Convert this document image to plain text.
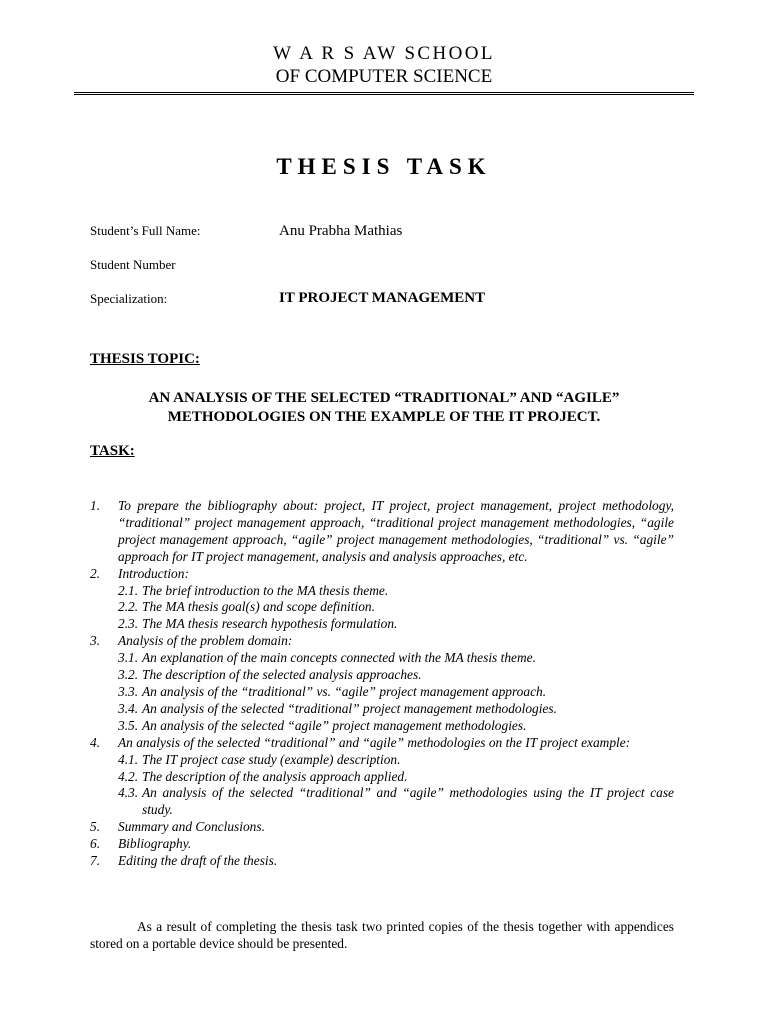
W A R S AW SCHOOL
OF COMPUTER SCIENCE
THESIS TASK
Student’s Full Name:	Anu Prabha Mathias
Student Number
Specialization:	IT PROJECT MANAGEMENT
THESIS TOPIC:
AN ANALYSIS OF THE SELECTED “TRADITIONAL” AND “AGILE”
METHODOLOGIES ON THE EXAMPLE OF THE IT PROJECT.
TASK:
1. To prepare the bibliography about: project, IT project, project management, project methodology, “traditional” project management approach, “traditional project management methodologies, “agile project management approach, “agile” project management methodologies, “traditional” vs. “agile” approach for IT project management, analysis and analysis approaches, etc.
2. Introduction:
2.1. The brief introduction to the MA thesis theme.
2.2. The MA thesis goal(s) and scope definition.
2.3. The MA thesis research hypothesis formulation.
3. Analysis of the problem domain:
3.1. An explanation of the main concepts connected with the MA thesis theme.
3.2. The description of the selected analysis approaches.
3.3. An analysis of the “traditional” vs. “agile” project management approach.
3.4. An analysis of the selected “traditional” project management methodologies.
3.5. An analysis of the selected “agile” project management methodologies.
4. An analysis of the selected “traditional” and “agile” methodologies on the IT project example:
4.1. The IT project case study (example) description.
4.2. The description of the analysis approach applied.
4.3. An analysis of the selected “traditional” and “agile” methodologies using the IT project case study.
5. Summary and Conclusions.
6. Bibliography.
7. Editing the draft of the thesis.

As a result of completing the thesis task two printed copies of the thesis together with appendices stored on a portable device should be presented.
